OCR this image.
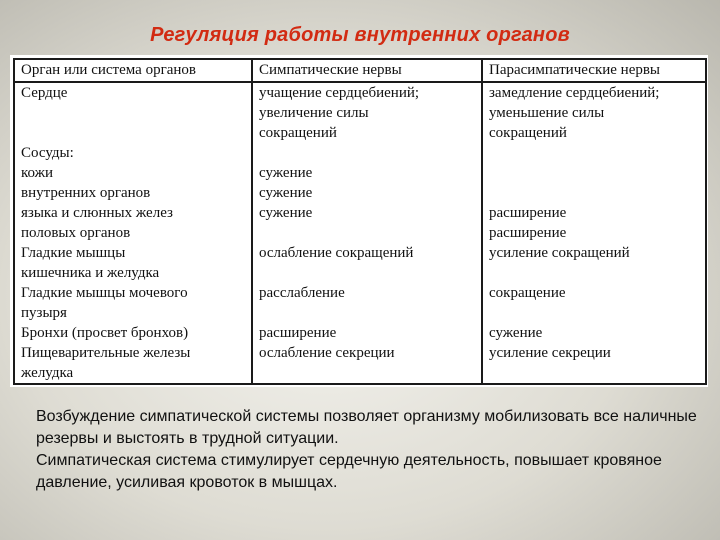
Регуляция работы внутренних органов
Орган или система органов	Симпатические нервы	Парасимпатические нервы
Сердце	учащение сердцебиений;	замедление сердцебиений;
	увеличение силы	уменьшение силы
	сокращений	сокращений
Сосуды:		
кожи	сужение	
внутренних органов	сужение	
языка и слюнных желез	сужение	расширение
половых органов		расширение
Гладкие мышцы	ослабление сокращений	усиление сокращений
кишечника и желудка		
Гладкие мышцы мочевого	расслабление	сокращение
пузыря		
Бронхи (просвет бронхов)	расширение	сужение
Пищеварительные железы	ослабление секреции	усиление секреции
желудка		

Возбуждение симпатической системы позволяет организму мобилизовать все наличные резервы и выстоять в трудной ситуации.

Симпатическая система стимулирует сердечную деятельность, повышает кровяное давление, усиливая кровоток в мышцах.
